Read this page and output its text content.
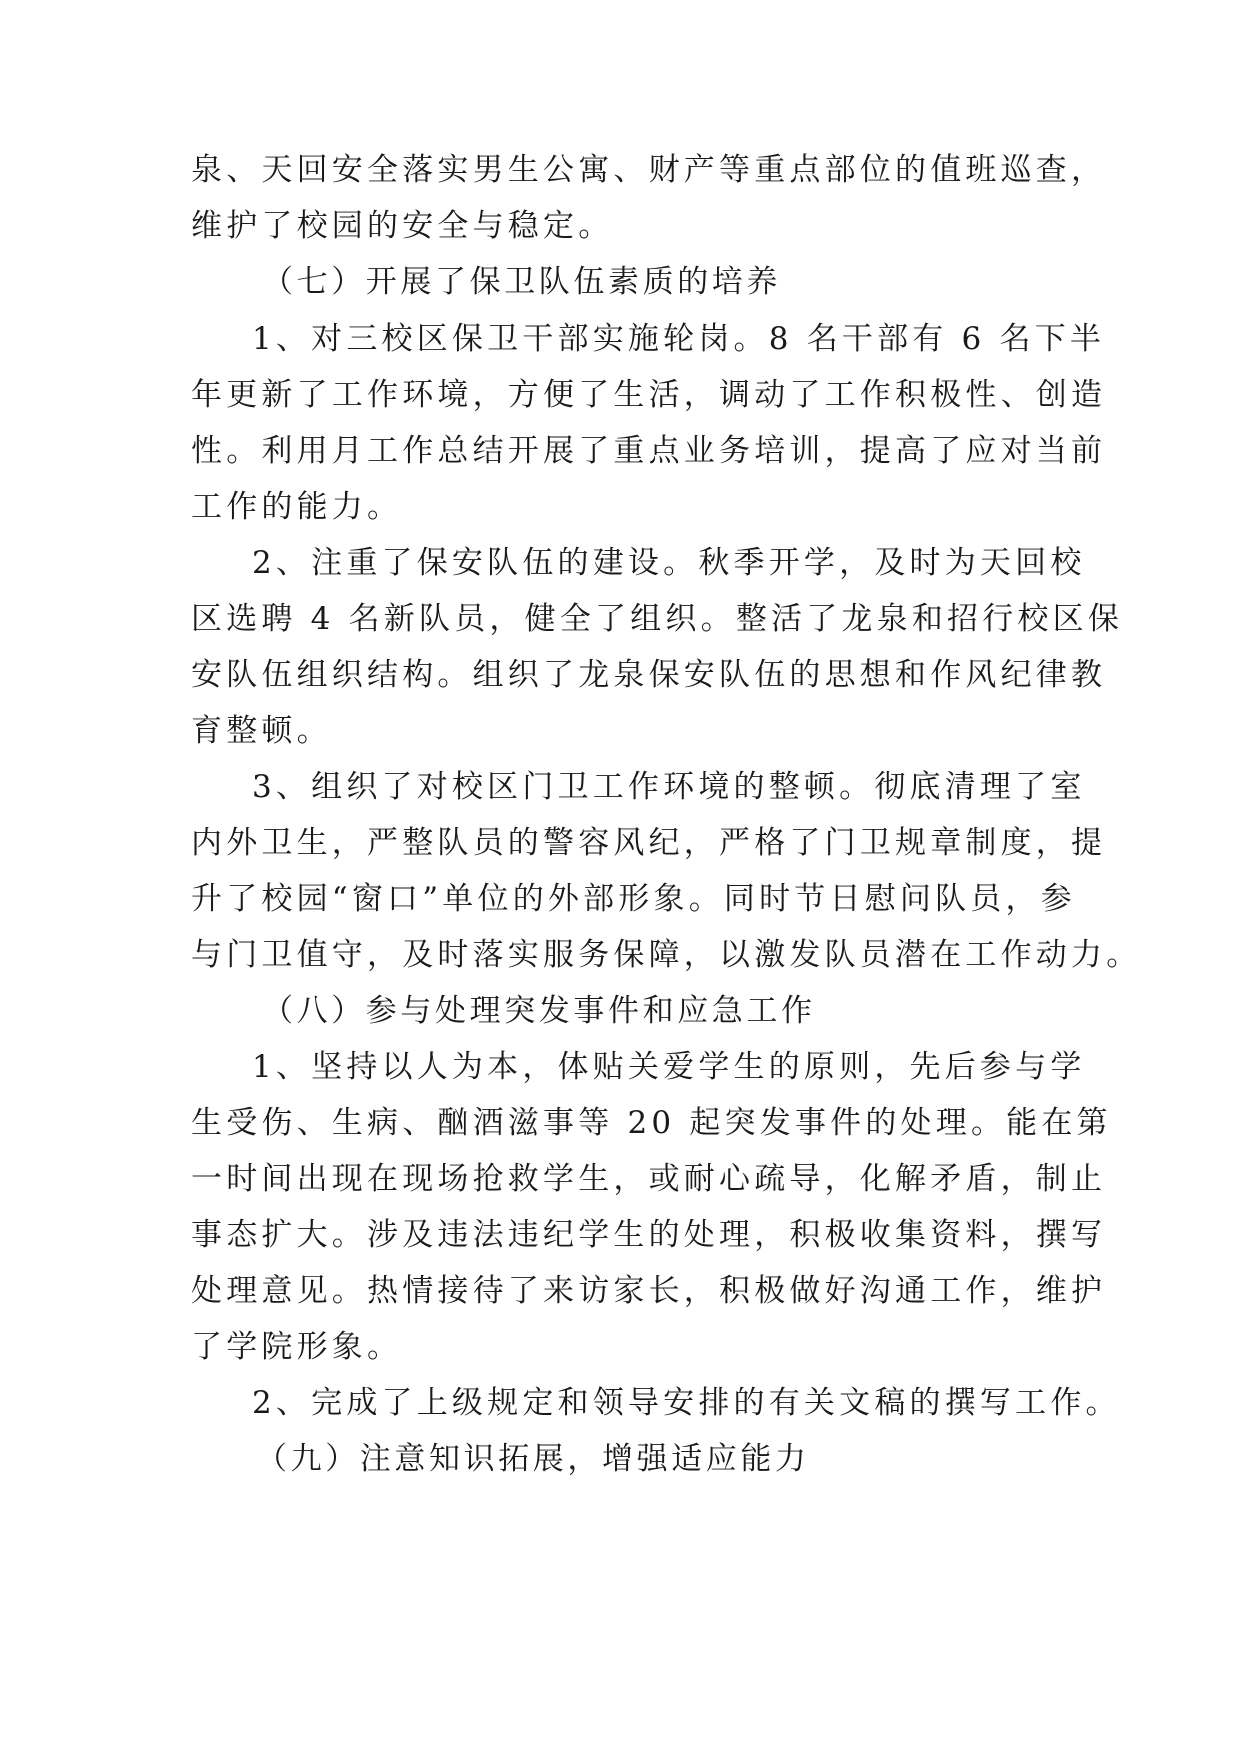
泉、天回安全落实男生公寓、财产等重点部位的值班巡查，
维护了校园的安全与稳定。
（七）开展了保卫队伍素质的培养
1、对三校区保卫干部实施轮岗。8 名干部有 6 名下半
年更新了工作环境，方便了生活，调动了工作积极性、创造
性。利用月工作总结开展了重点业务培训，提高了应对当前
工作的能力。
2、注重了保安队伍的建设。秋季开学，及时为天回校
区选聘 4 名新队员，健全了组织。整活了龙泉和招行校区保
安队伍组织结构。组织了龙泉保安队伍的思想和作风纪律教
育整顿。
3、组织了对校区门卫工作环境的整顿。彻底清理了室
内外卫生，严整队员的警容风纪，严格了门卫规章制度，提
升了校园“窗口”单位的外部形象。同时节日慰问队员，参
与门卫值守，及时落实服务保障，以激发队员潜在工作动力。
（八）参与处理突发事件和应急工作
1、坚持以人为本，体贴关爱学生的原则，先后参与学
生受伤、生病、酗酒滋事等 20 起突发事件的处理。能在第
一时间出现在现场抢救学生，或耐心疏导，化解矛盾，制止
事态扩大。涉及违法违纪学生的处理，积极收集资料，撰写
处理意见。热情接待了来访家长，积极做好沟通工作，维护
了学院形象。
2、完成了上级规定和领导安排的有关文稿的撰写工作。
（九）注意知识拓展，增强适应能力
